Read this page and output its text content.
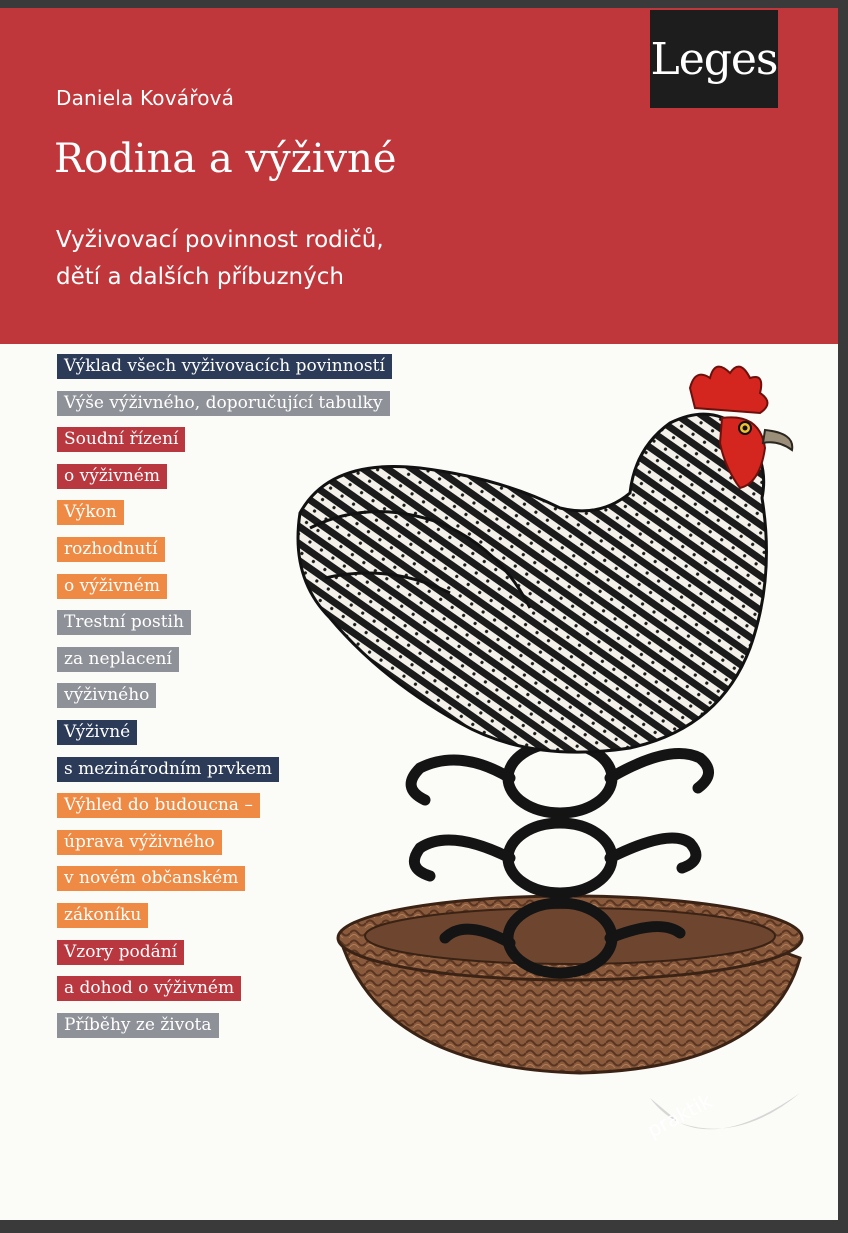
Daniela Kovářová
Rodina a výživné
Vyživovací povinnost rodičů,
dětí a dalších příbuzných
Leges
Výklad všech vyživovacích povinností
Výše výživného, doporučující tabulky
Soudní řízení
o výživném
Výkon
rozhodnutí
o výživném
Trestní postih
za neplacení
výživného
Výživné
s mezinárodním prvkem
Výhled do budoucna –
úprava výživného
v novém občanském
zákoníku
Vzory podání
a dohod o výživném
Příběhy ze života
praktik
